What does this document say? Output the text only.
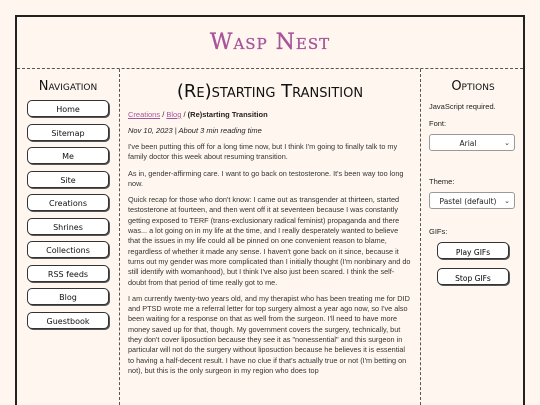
Wasp Nest
Navigation
Home
Sitemap
Me
Site
Creations
Shrines
Collections
RSS feeds
Blog
Guestbook
(Re)starting Transition
Creations / Blog / (Re)starting Transition
Nov 10, 2023 | About 3 min reading time

I've been putting this off for a long time now, but I think I'm going to finally talk to my family doctor this week about resuming transition.

As in, gender-affirming care. I want to go back on testosterone. It's been way too long now.

Quick recap for those who don't know: I came out as transgender at thirteen, started testosterone at fourteen, and then went off it at seventeen because I was constantly getting exposed to TERF (trans-exclusionary radical feminist) propaganda and there was... a lot going on in my life at the time, and I really desperately wanted to believe that the issues in my life could all be pinned on one convenient reason to blame, regardless of whether it made any sense. I haven't gone back on it since, because it turns out my gender was more complicated than I initially thought (I'm nonbinary and do still identify with womanhood), but I think I've also just been scared. I think the self-doubt from that period of time really got to me.

I am currently twenty-two years old, and my therapist who has been treating me for DID and PTSD wrote me a referral letter for top surgery almost a year ago now, so I've also been waiting for a response on that as well from the surgeon. I'll need to have more money saved up for that, though. My government covers the surgery, technically, but they don't cover liposuction because they see it as "nonessential" and this surgeon in particular will not do the surgery without liposuction because he believes it is essential to having a half-decent result. I have no clue if that's actually true or not (I'm betting on not), but this is the only surgeon in my region who does top

Options
JavaScript required.
Font:
Arial	⌄
Theme:
Pastel (default) ⌄
GIFs:
Play GIFs
Stop GIFs
